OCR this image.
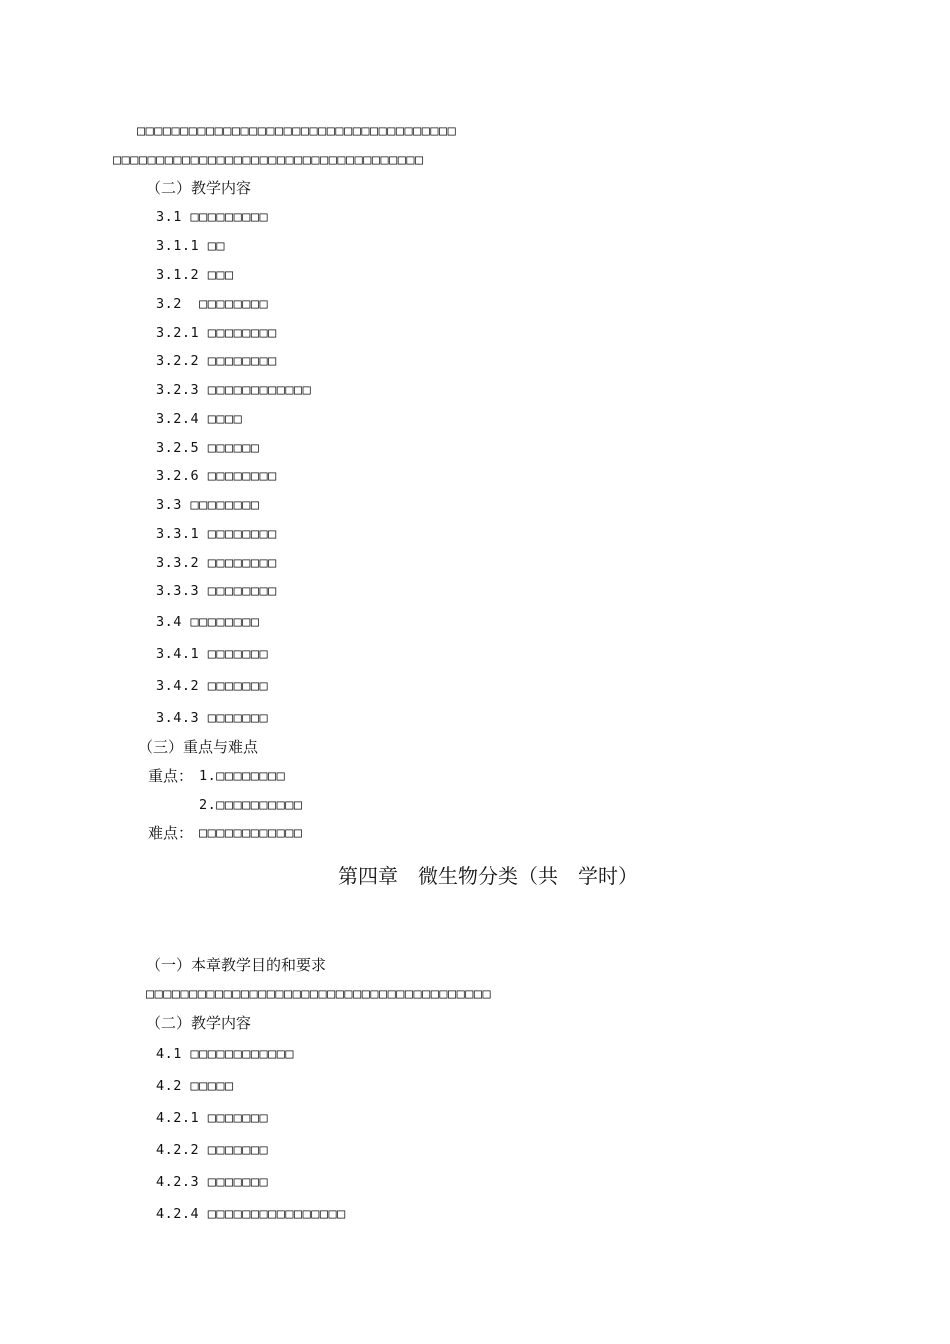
□□□□□□□□□□□□□□□□□□□□□□□□□□□□□□□□□□□□□
□□□□□□□□□□□□□□□□□□□□□□□□□□□□□□□□□□□□
（二）教学内容
3.1 □□□□□□□□□
3.1.1 □□
3.1.2 □□□
3.2  □□□□□□□□
3.2.1 □□□□□□□□
3.2.2 □□□□□□□□
3.2.3 □□□□□□□□□□□□
3.2.4 □□□□
3.2.5 □□□□□□
3.2.6 □□□□□□□□
3.3 □□□□□□□□
3.3.1 □□□□□□□□
3.3.2 □□□□□□□□
3.3.3 □□□□□□□□
3.4 □□□□□□□□
3.4.1 □□□□□□□
3.4.2 □□□□□□□
3.4.3 □□□□□□□
（三）重点与难点
重点： 1.□□□□□□□□
2.□□□□□□□□□□
难点： □□□□□□□□□□□□
第四章　微生物分类（共　学时）
（一）本章教学目的和要求
□□□□□□□□□□□□□□□□□□□□□□□□□□□□□□□□□□□□□□□□
（二）教学内容
4.1 □□□□□□□□□□□□
4.2 □□□□□
4.2.1 □□□□□□□
4.2.2 □□□□□□□
4.2.3 □□□□□□□
4.2.4 □□□□□□□□□□□□□□□□
